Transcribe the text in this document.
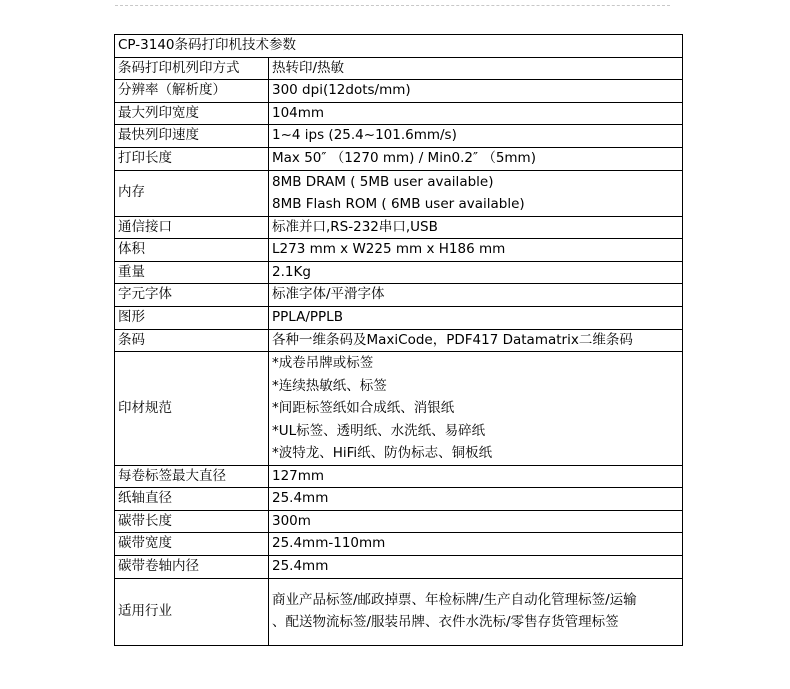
CP-3140条码打印机技术参数	
条码打印机列印方式	热转印/热敏
分辨率（解析度）	300 dpi(12dots/mm)
最大列印宽度	104mm
最快列印速度	1~4 ips (25.4~101.6mm/s)
打印长度	Max 50″ （1270 mm) / Min0.2″ （5mm)
内存	8MB DRAM ( 5MB user available)
8MB Flash ROM ( 6MB user available)

通信接口	标准并口,RS-232串口,USB
体积	L273 mm x W225 mm x H186 mm
重量	2.1Kg
字元字体	标准字体/平滑字体
图形	PPLA/PPLB
条码	各种一维条码及MaxiCode，PDF417 Datamatrix二维条码
印材规范	*成卷吊牌或标签
*连续热敏纸、标签
*间距标签纸如合成纸、消银纸
*UL标签、透明纸、水洗纸、易碎纸
*波特龙、HiFi纸、防伪标志、铜板纸

每卷标签最大直径	127mm
纸轴直径	25.4mm
碳带长度	300m
碳带宽度	25.4mm-110mm
碳带卷轴内径	25.4mm
适用行业	商业产品标签/邮政掉票、年检标牌/生产自动化管理标签/运输
、配送物流标签/服装吊牌、衣件水洗标/零售存货管理标签
